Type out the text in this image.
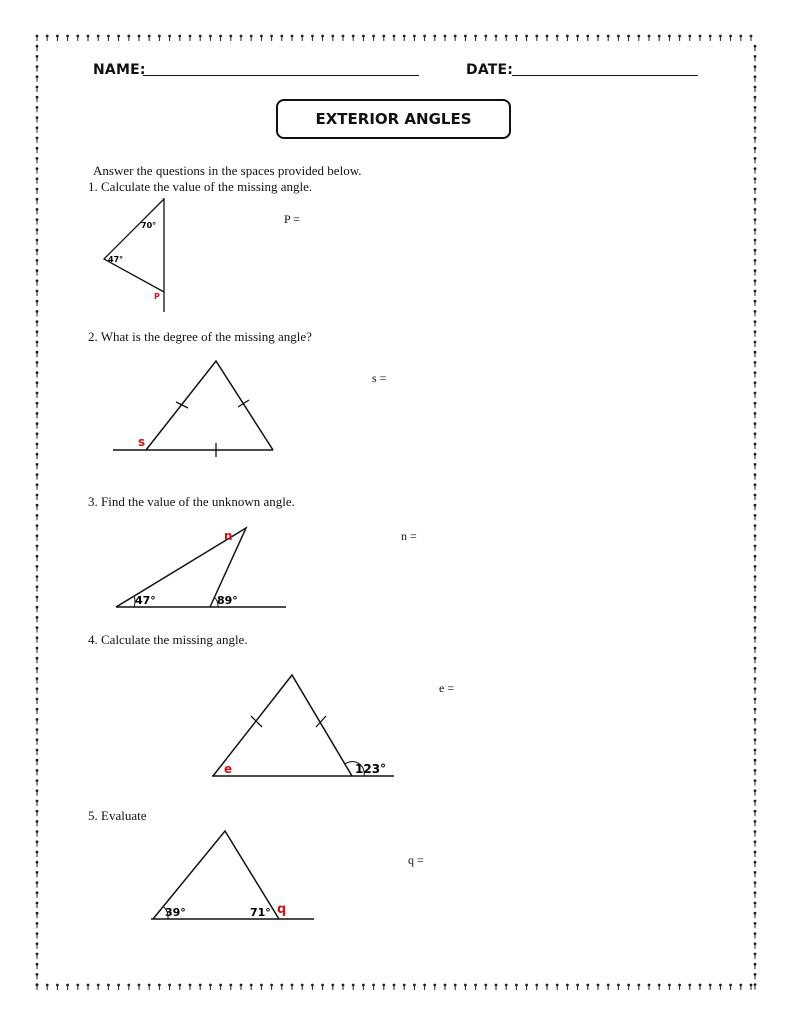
NAME:	DATE:
EXTERIOR ANGLES
Answer the questions in the spaces provided below.
1. Calculate the value of the missing angle.
P =
70°
47°
P
2. What is the degree of the missing angle?
s =
s
3. Find the value of the unknown angle.
n =
n
47°	89°
4. Calculate the missing angle.
e =
e	123°
5. Evaluate
q =
39°	71° q
